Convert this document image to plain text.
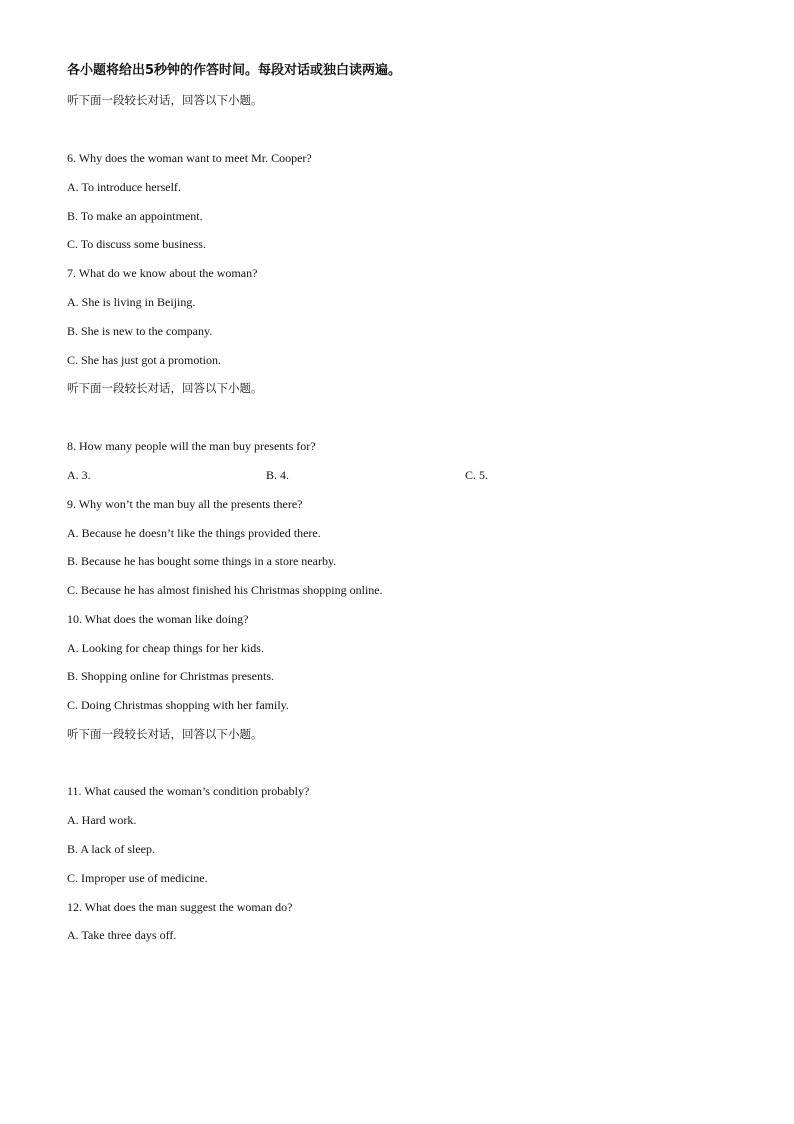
各小题将给出5秒钟的作答时间。每段对话或独白读两遍。
听下面一段较长对话，回答以下小题。
6. Why does the woman want to meet Mr. Cooper?
A. To introduce herself.
B. To make an appointment.
C. To discuss some business.
7. What do we know about the woman?
A. She is living in Beijing.
B. She is new to the company.
C. She has just got a promotion.
听下面一段较长对话，回答以下小题。
8. How many people will the man buy presents for?
A. 3.	B. 4.	C. 5.
9. Why won’t the man buy all the presents there?
A. Because he doesn’t like the things provided there.
B. Because he has bought some things in a store nearby.
C. Because he has almost finished his Christmas shopping online.
10. What does the woman like doing?
A. Looking for cheap things for her kids.
B. Shopping online for Christmas presents.
C. Doing Christmas shopping with her family.
听下面一段较长对话，回答以下小题。
11. What caused the woman’s condition probably?
A. Hard work.
B. A lack of sleep.
C. Improper use of medicine.
12. What does the man suggest the woman do?
A. Take three days off.
